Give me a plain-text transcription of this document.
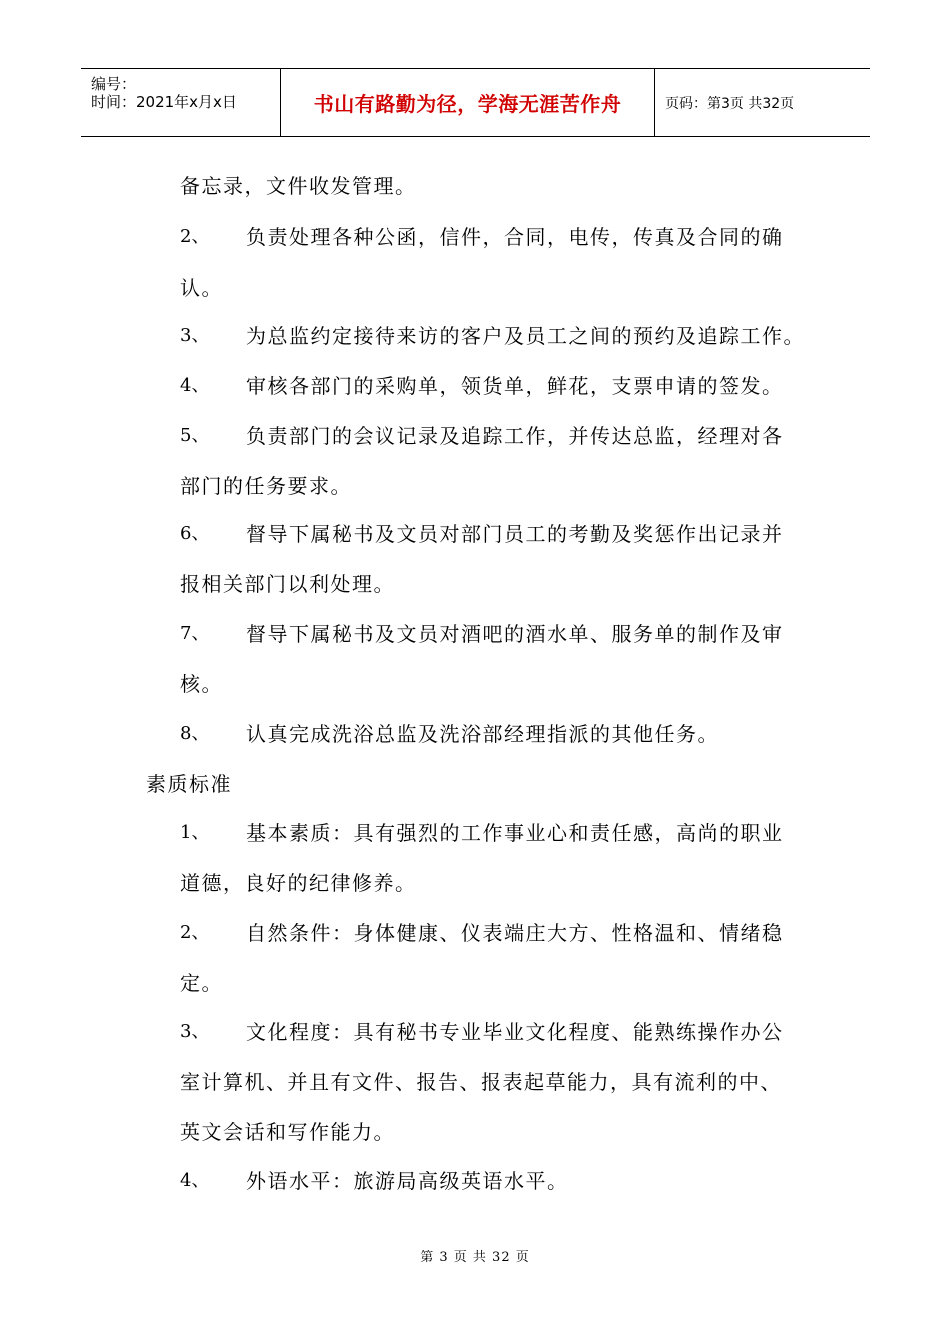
编号：
时间：2021年x月x日	书山有路勤为径，学海无涯苦作舟	页码：第3页 共32页
备忘录，文件收发管理。
2、 负责处理各种公函，信件，合同，电传，传真及合同的确
认。
3、 为总监约定接待来访的客户及员工之间的预约及追踪工作。
4、 审核各部门的采购单，领货单，鲜花，支票申请的签发。
5、 负责部门的会议记录及追踪工作，并传达总监，经理对各
部门的任务要求。
6、 督导下属秘书及文员对部门员工的考勤及奖惩作出记录并
报相关部门以利处理。
7、 督导下属秘书及文员对酒吧的酒水单、服务单的制作及审
核。
8、 认真完成洗浴总监及洗浴部经理指派的其他任务。
素质标准
1、 基本素质：具有强烈的工作事业心和责任感，高尚的职业
道德，良好的纪律修养。
2、 自然条件：身体健康、仪表端庄大方、性格温和、情绪稳
定。
3、 文化程度：具有秘书专业毕业文化程度、能熟练操作办公
室计算机、并且有文件、报告、报表起草能力，具有流利的中、
英文会话和写作能力。
4、 外语水平：旅游局高级英语水平。
第 3 页 共 32 页
